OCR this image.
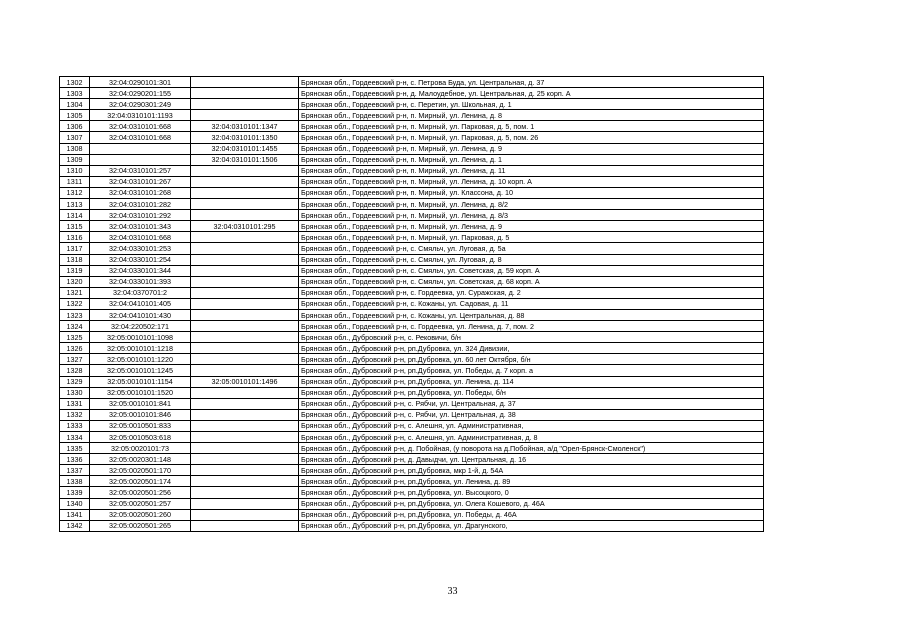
1302	32:04:0290101:301		Брянская обл., Гордеевский р-н, с. Петрова Буда, ул. Центральная, д. 37
1303	32:04:0290201:155		Брянская обл., Гордеевский р-н, д. Малоудебное, ул. Центральная, д. 25 корп. А
1304	32:04:0290301:249		Брянская обл., Гордеевский р-н, с. Перетин, ул. Школьная, д. 1
1305	32:04:0310101:1193		Брянская обл., Гордеевский р-н, п. Мирный, ул. Ленина, д. 8
1306	32:04:0310101:668	32:04:0310101:1347	Брянская обл., Гордеевский р-н, п. Мирный, ул. Парковая, д. 5, пом. 1
1307	32:04:0310101:668	32:04:0310101:1350	Брянская обл., Гордеевский р-н, п. Мирный, ул. Парковая, д. 5, пом. 26
1308		32:04:0310101:1455	Брянская обл., Гордеевский р-н, п. Мирный, ул. Ленина, д. 9
1309		32:04:0310101:1506	Брянская обл., Гордеевский р-н, п. Мирный, ул. Ленина, д. 1
1310	32:04:0310101:257		Брянская обл., Гордеевский р-н, п. Мирный, ул. Ленина, д. 11
1311	32:04:0310101:267		Брянская обл., Гордеевский р-н, п. Мирный, ул. Ленина, д. 10 корп. А
1312	32:04:0310101:268		Брянская обл., Гордеевский р-н, п. Мирный, ул. Классона, д. 10
1313	32:04:0310101:282		Брянская обл., Гордеевский р-н, п. Мирный, ул. Ленина, д. 8/2
1314	32:04:0310101:292		Брянская обл., Гордеевский р-н, п. Мирный, ул. Ленина, д. 8/3
1315	32:04:0310101:343	32:04:0310101:295	Брянская обл., Гордеевский р-н, п. Мирный, ул. Ленина, д. 9
1316	32:04:0310101:668		Брянская обл., Гордеевский р-н, п. Мирный, ул. Парковая, д. 5
1317	32:04:0330101:253		Брянская обл., Гордеевский р-н, с. Смяльч, ул. Луговая, д. 5а
1318	32:04:0330101:254		Брянская обл., Гордеевский р-н, с. Смяльч, ул. Луговая, д. 8
1319	32:04:0330101:344		Брянская обл., Гордеевский р-н, с. Смяльч, ул. Советская, д. 59 корп. А
1320	32:04:0330101:393		Брянская обл., Гордеевский р-н, с. Смяльч, ул. Советская, д. 68 корп. А
1321	32:04:0370701:2		Брянская обл., Гордеевский р-н, с. Гордеевка, ул. Суражская, д. 2
1322	32:04:0410101:405		Брянская обл., Гордеевский р-н, с. Кожаны, ул. Садовая, д. 11
1323	32:04:0410101:430		Брянская обл., Гордеевский р-н, с. Кожаны, ул. Центральная, д. 88
1324	32:04:220502:171		Брянская обл., Гордеевский р-н, с. Гордеевка, ул. Ленина, д. 7, пом. 2
1325	32:05:0010101:1098		Брянская обл., Дубровский р-н, с. Рековичи, б/н
1326	32:05:0010101:1218		Брянская обл., Дубровский р-н, рп.Дубровка, ул. 324 Дивизии,
1327	32:05:0010101:1220		Брянская обл., Дубровский р-н, рп.Дубровка, ул. 60 лет Октября, б/н
1328	32:05:0010101:1245		Брянская обл., Дубровский р-н, рп.Дубровка, ул. Победы, д. 7 корп. а
1329	32:05:0010101:1154	32:05:0010101:1496	Брянская обл., Дубровский р-н, рп.Дубровка, ул. Ленина, д. 114
1330	32:05:0010101:1520		Брянская обл., Дубровский р-н, рп.Дубровка, ул. Победы, б/н
1331	32:05:0010101:841		Брянская обл., Дубровский р-н, с. Рябчи, ул. Центральная, д. 37
1332	32:05:0010101:846		Брянская обл., Дубровский р-н, с. Рябчи, ул. Центральная, д. 38
1333	32:05:0010501:833		Брянская обл., Дубровский р-н, с. Алешня, ул. Административная,
1334	32:05:0010503:618		Брянская обл., Дубровский р-н, с. Алешня, ул. Административная, д. 8
1335	32:05:0020101:73		Брянская обл., Дубровский р-н, д. Побойная, (у поворота на д.Побойная, а/д "Орел-Брянск-Смоленск")
1336	32:05:0020301:148		Брянская обл., Дубровский р-н, д. Давыдчи, ул. Центральная, д. 16
1337	32:05:0020501:170		Брянская обл., Дубровский р-н, рп.Дубровка, мкр 1-й, д. 54А
1338	32:05:0020501:174		Брянская обл., Дубровский р-н, рп.Дубровка, ул. Ленина, д. 89
1339	32:05:0020501:256		Брянская обл., Дубровский р-н, рп.Дубровка, ул. Высоцкого, 0
1340	32:05:0020501:257		Брянская обл., Дубровский р-н, рп.Дубровка, ул. Олега Кошевого, д. 46А
1341	32:05:0020501:260		Брянская обл., Дубровский р-н, рп.Дубровка, ул. Победы, д. 46А
1342	32:05:0020501:265		Брянская обл., Дубровский р-н, рп.Дубровка, ул. Драгунского,
33
